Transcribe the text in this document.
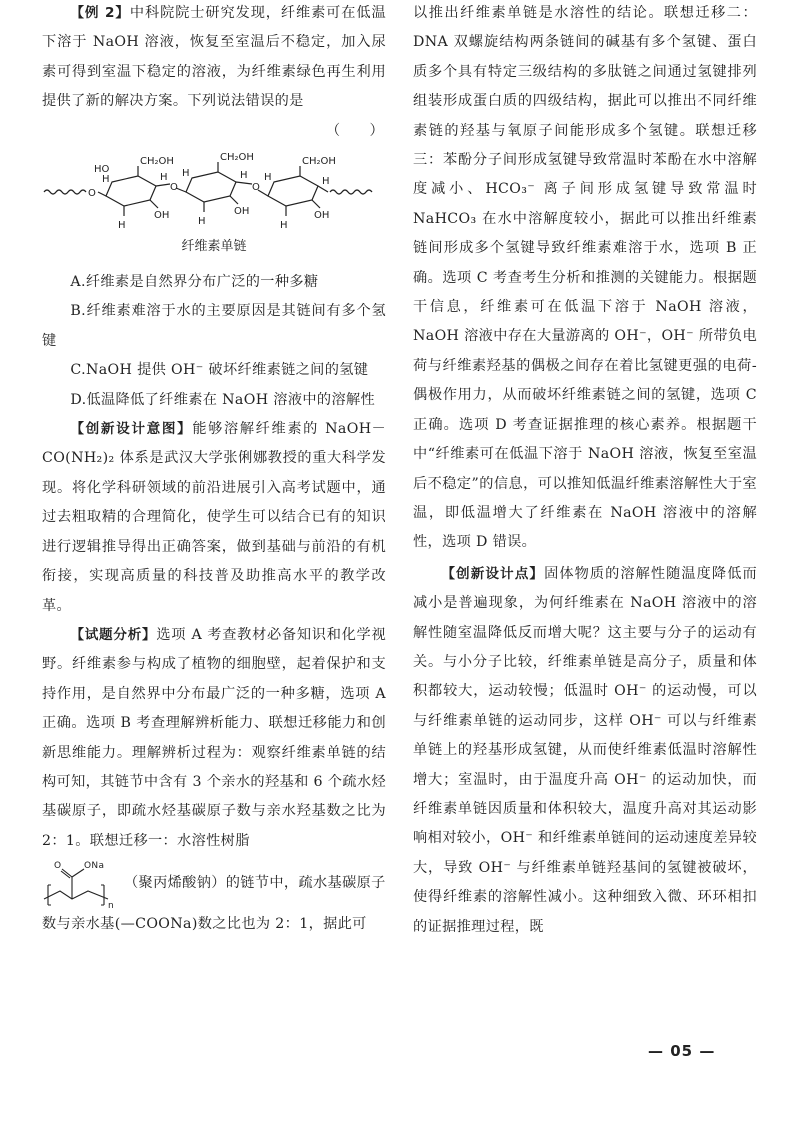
【例 2】中科院院士研究发现，纤维素可在低温下溶于 NaOH 溶液，恢复至室温后不稳定，加入尿素可得到室温下稳定的溶液，为纤维素绿色再生利用提供了新的解决方案。下列说法错误的是

（　　）

O
HO
H
CH₂OH
H
OH
H
O
H
CH₂OH
H
OH
H
O
H
CH₂OH
H
OH
H

纤维素单链

A.纤维素是自然界分布广泛的一种多糖

B.纤维素难溶于水的主要原因是其链间有多个氢键

C.NaOH 提供 OH⁻ 破坏纤维素链之间的氢键

D.低温降低了纤维素在 NaOH 溶液中的溶解性

【创新设计意图】能够溶解纤维素的 NaOH－CO(NH₂)₂ 体系是武汉大学张俐娜教授的重大科学发现。将化学科研领域的前沿进展引入高考试题中，通过去粗取精的合理简化，使学生可以结合已有的知识进行逻辑推导得出正确答案，做到基础与前沿的有机衔接，实现高质量的科技普及助推高水平的教学改革。

【试题分析】选项 A 考查教材必备知识和化学视野。纤维素参与构成了植物的细胞壁，起着保护和支持作用，是自然界中分布最广泛的一种多糖，选项 A 正确。选项 B 考查理解辨析能力、联想迁移能力和创新思维能力。理解辨析过程为：观察纤维素单链的结构可知，其链节中含有 3 个亲水的羟基和 6 个疏水烃基碳原子，即疏水烃基碳原子数与亲水羟基数之比为 2：1。联想迁移一：水溶性树脂

O	ONa
n
（聚丙烯酸钠）的链节中，疏水基碳原子

数与亲水基(—COONa)数之比也为 2：1，据此可

以推出纤维素单链是水溶性的结论。联想迁移二：DNA 双螺旋结构两条链间的碱基有多个氢键、蛋白质多个具有特定三级结构的多肽链之间通过氢键排列组装形成蛋白质的四级结构，据此可以推出不同纤维素链的羟基与氧原子间能形成多个氢键。联想迁移三：苯酚分子间形成氢键导致常温时苯酚在水中溶解度减小、HCO₃⁻ 离子间形成氢键导致常温时 NaHCO₃ 在水中溶解度较小，据此可以推出纤维素链间形成多个氢键导致纤维素难溶于水，选项 B 正确。选项 C 考查考生分析和推测的关键能力。根据题干信息，纤维素可在低温下溶于 NaOH 溶液，NaOH 溶液中存在大量游离的 OH⁻，OH⁻ 所带负电荷与纤维素羟基的偶极之间存在着比氢键更强的电荷-偶极作用力，从而破坏纤维素链之间的氢键，选项 C 正确。选项 D 考查证据推理的核心素养。根据题干中“纤维素可在低温下溶于 NaOH 溶液，恢复至室温后不稳定”的信息，可以推知低温纤维素溶解性大于室温，即低温增大了纤维素在 NaOH 溶液中的溶解性，选项 D 错误。

【创新设计点】固体物质的溶解性随温度降低而减小是普遍现象，为何纤维素在 NaOH 溶液中的溶解性随室温降低反而增大呢？这主要与分子的运动有关。与小分子比较，纤维素单链是高分子，质量和体积都较大，运动较慢；低温时 OH⁻ 的运动慢，可以与纤维素单链的运动同步，这样 OH⁻ 可以与纤维素单链上的羟基形成氢键，从而使纤维素低温时溶解性增大；室温时，由于温度升高 OH⁻ 的运动加快，而纤维素单链因质量和体积较大，温度升高对其运动影响相对较小，OH⁻ 和纤维素单链间的运动速度差异较大，导致 OH⁻ 与纤维素单链羟基间的氢键被破坏，使得纤维素的溶解性减小。这种细致入微、环环相扣的证据推理过程，既

— 05 —
